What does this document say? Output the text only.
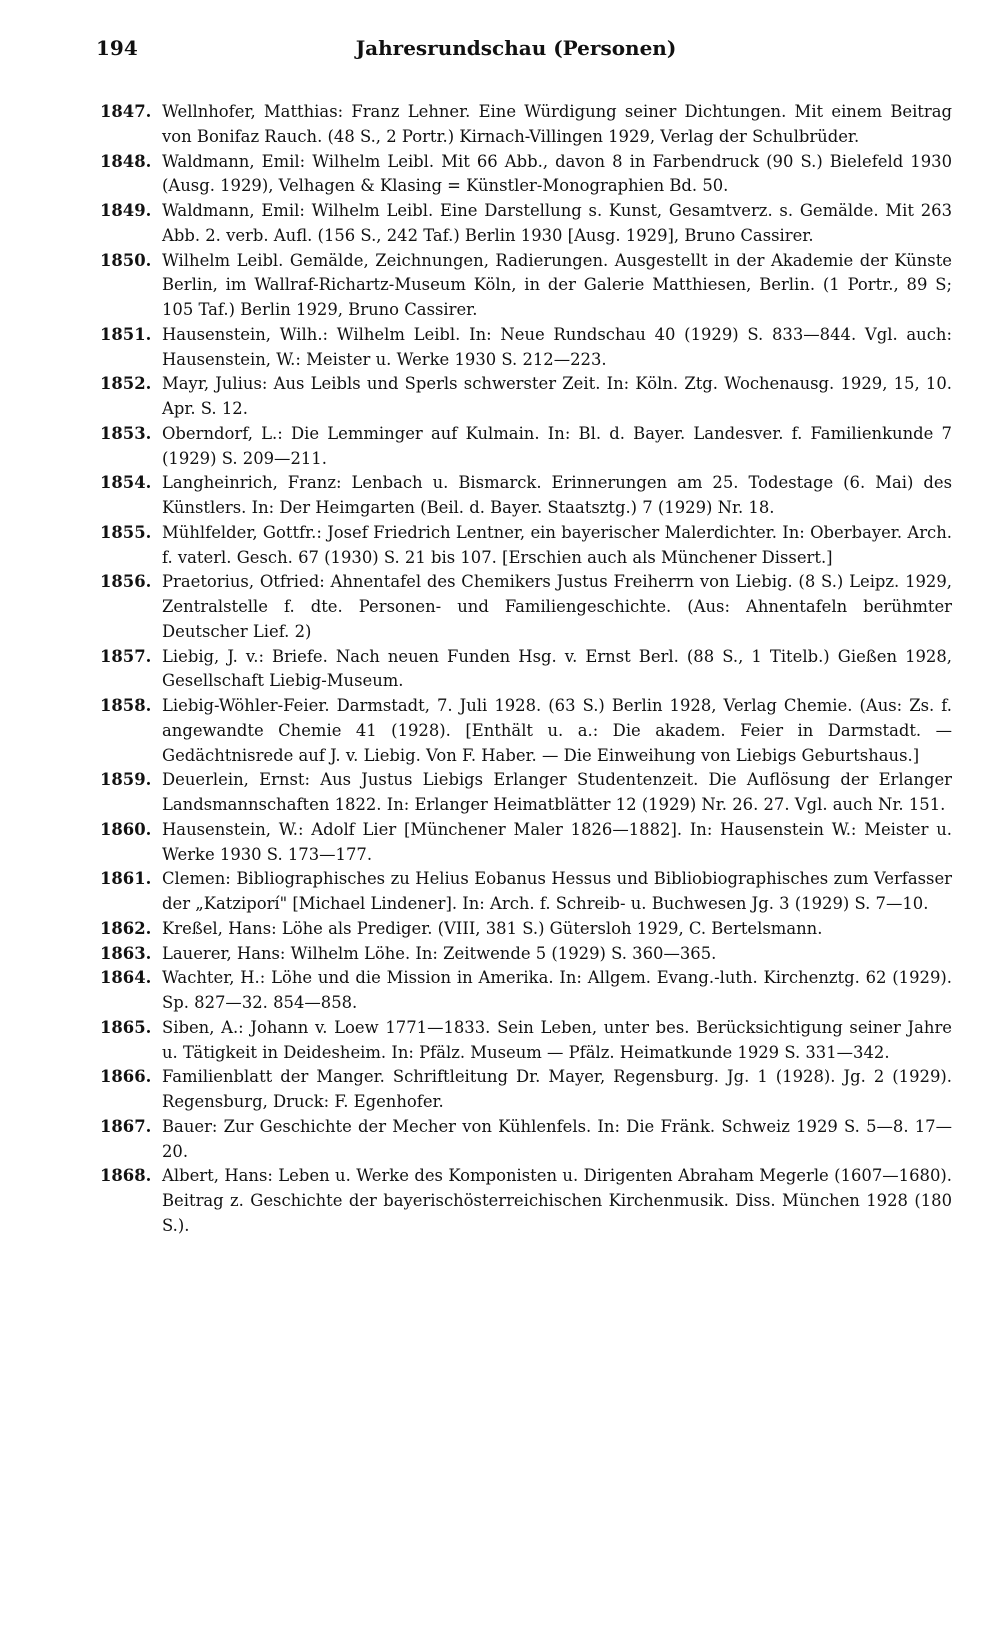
194	Jahresrundschau (Personen)

1847. Wellnhofer, Matthias: Franz Lehner. Eine Würdigung seiner Dichtungen. Mit einem Beitrag von Bonifaz Rauch. (48 S., 2 Portr.) Kirnach-Villingen 1929, Verlag der Schulbrüder.

1848. Waldmann, Emil: Wilhelm Leibl. Mit 66 Abb., davon 8 in Farbendruck (90 S.) Bielefeld 1930 (Ausg. 1929), Velhagen & Klasing = Künstler-Monographien Bd. 50.

1849. Waldmann, Emil: Wilhelm Leibl. Eine Darstellung s. Kunst, Gesamtverz. s. Gemälde. Mit 263 Abb. 2. verb. Aufl. (156 S., 242 Taf.) Berlin 1930 [Ausg. 1929], Bruno Cassirer.

1850. Wilhelm Leibl. Gemälde, Zeichnungen, Radierungen. Ausgestellt in der Akademie der Künste Berlin, im Wallraf-Richartz-Museum Köln, in der Galerie Matthiesen, Berlin. (1 Portr., 89 S; 105 Taf.) Berlin 1929, Bruno Cassirer.

1851. Hausenstein, Wilh.: Wilhelm Leibl. In: Neue Rundschau 40 (1929) S. 833—844. Vgl. auch: Hausenstein, W.: Meister u. Werke 1930 S. 212—223.

1852. Mayr, Julius: Aus Leibls und Sperls schwerster Zeit. In: Köln. Ztg. Wochenausg. 1929, 15, 10. Apr. S. 12.

1853. Oberndorf, L.: Die Lemminger auf Kulmain. In: Bl. d. Bayer. Landesver. f. Familienkunde 7 (1929) S. 209—211.

1854. Langheinrich, Franz: Lenbach u. Bismarck. Erinnerungen am 25. Todestage (6. Mai) des Künstlers. In: Der Heimgarten (Beil. d. Bayer. Staatsztg.) 7 (1929) Nr. 18.

1855. Mühlfelder, Gottfr.: Josef Friedrich Lentner, ein bayerischer Malerdichter. In: Oberbayer. Arch. f. vaterl. Gesch. 67 (1930) S. 21 bis 107. [Erschien auch als Münchener Dissert.]

1856. Praetorius, Otfried: Ahnentafel des Chemikers Justus Freiherrn von Liebig. (8 S.) Leipz. 1929, Zentralstelle f. dte. Personen- und Familiengeschichte. (Aus: Ahnentafeln berühmter Deutscher Lief. 2)

1857. Liebig, J. v.: Briefe. Nach neuen Funden Hsg. v. Ernst Berl. (88 S., 1 Titelb.) Gießen 1928, Gesellschaft Liebig-Museum.

1858. Liebig-Wöhler-Feier. Darmstadt, 7. Juli 1928. (63 S.) Berlin 1928, Verlag Chemie. (Aus: Zs. f. angewandte Chemie 41 (1928). [Enthält u. a.: Die akadem. Feier in Darmstadt. — Gedächtnisrede auf J. v. Liebig. Von F. Haber. — Die Einweihung von Liebigs Geburtshaus.]

1859. Deuerlein, Ernst: Aus Justus Liebigs Erlanger Studentenzeit. Die Auflösung der Erlanger Landsmannschaften 1822. In: Erlanger Heimatblätter 12 (1929) Nr. 26. 27. Vgl. auch Nr. 151.

1860. Hausenstein, W.: Adolf Lier [Münchener Maler 1826—1882]. In: Hausenstein W.: Meister u. Werke 1930 S. 173—177.

1861. Clemen: Bibliographisches zu Helius Eobanus Hessus und Bibliobiographisches zum Verfasser der „Katziporí" [Michael Lindener]. In: Arch. f. Schreib- u. Buchwesen Jg. 3 (1929) S. 7—10.

1862. Kreßel, Hans: Löhe als Prediger. (VIII, 381 S.) Gütersloh 1929, C. Bertelsmann.

1863. Lauerer, Hans: Wilhelm Löhe. In: Zeitwende 5 (1929) S. 360—365.

1864. Wachter, H.: Löhe und die Mission in Amerika. In: Allgem. Evang.-luth. Kirchenztg. 62 (1929). Sp. 827—32. 854—858.

1865. Siben, A.: Johann v. Loew 1771—1833. Sein Leben, unter bes. Berücksichtigung seiner Jahre u. Tätigkeit in Deidesheim. In: Pfälz. Museum — Pfälz. Heimatkunde 1929 S. 331—342.

1866. Familienblatt der Manger. Schriftleitung Dr. Mayer, Regensburg. Jg. 1 (1928). Jg. 2 (1929). Regensburg, Druck: F. Egenhofer.

1867. Bauer: Zur Geschichte der Mecher von Kühlenfels. In: Die Fränk. Schweiz 1929 S. 5—8. 17—20.

1868. Albert, Hans: Leben u. Werke des Komponisten u. Dirigenten Abraham Megerle (1607—1680). Beitrag z. Geschichte der bayerischösterreichischen Kirchenmusik. Diss. München 1928 (180 S.).
